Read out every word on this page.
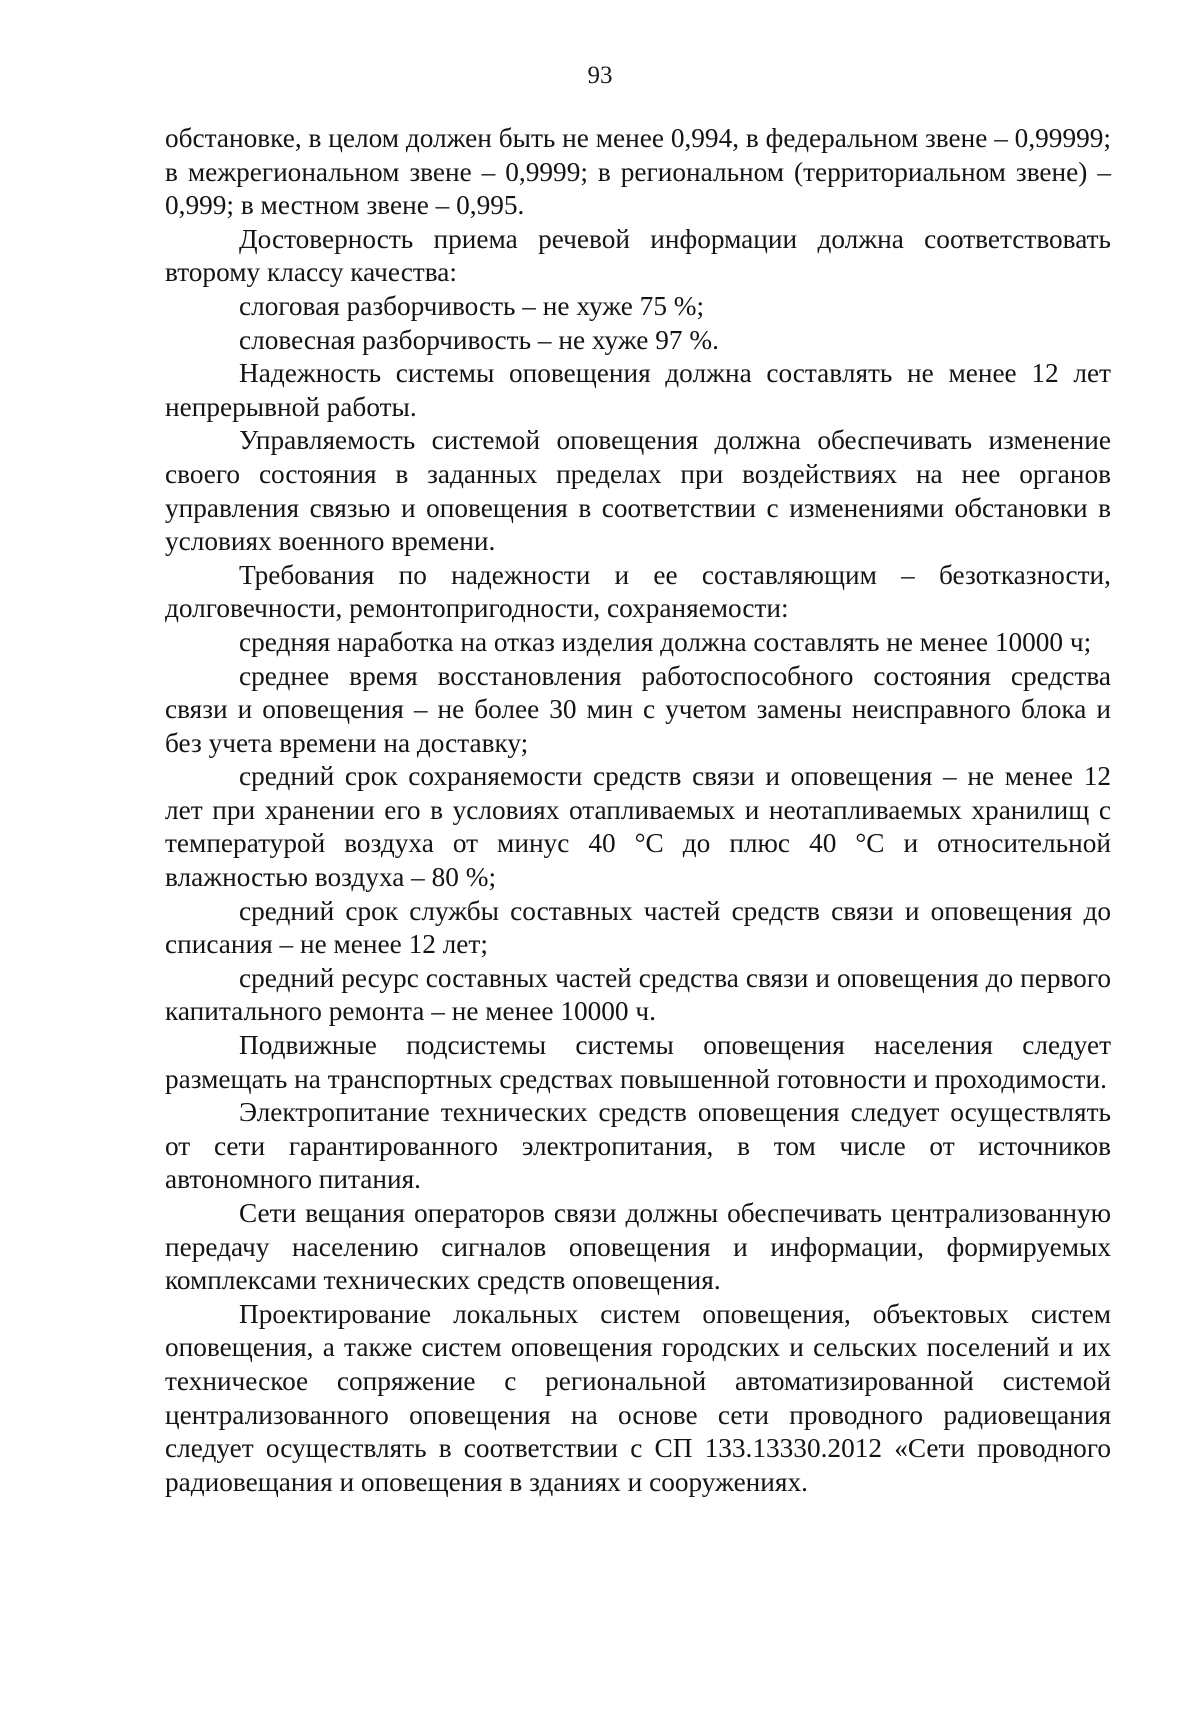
93

обстановке, в целом должен быть не менее 0,994, в федеральном звене – 0,99999; в межрегиональном звене – 0,9999; в региональном (территориальном звене) – 0,999; в местном звене – 0,995.

Достоверность приема речевой информации должна соответствовать второму классу качества:

слоговая разборчивость – не хуже 75 %;

словесная разборчивость – не хуже 97 %.

Надежность системы оповещения должна составлять не менее 12 лет непрерывной работы.

Управляемость системой оповещения должна обеспечивать изменение своего состояния в заданных пределах при воздействиях на нее органов управления связью и оповещения в соответствии с изменениями обстановки в условиях военного времени.

Требования по надежности и ее составляющим – безотказности, долговечности, ремонтопригодности, сохраняемости:

средняя наработка на отказ изделия должна составлять не менее 10000 ч;

среднее время восстановления работоспособного состояния средства связи и оповещения – не более 30 мин с учетом замены неисправного блока и без учета времени на доставку;

средний срок сохраняемости средств связи и оповещения – не менее 12 лет при хранении его в условиях отапливаемых и неотапливаемых хранилищ с температурой воздуха от минус 40 °С до плюс 40 °С и относительной влажностью воздуха – 80 %;

средний срок службы составных частей средств связи и оповещения до списания – не менее 12 лет;

средний ресурс составных частей средства связи и оповещения до первого капитального ремонта – не менее 10000 ч.

Подвижные подсистемы системы оповещения населения следует размещать на транспортных средствах повышенной готовности и проходимости.

Электропитание технических средств оповещения следует осуществлять от сети гарантированного электропитания, в том числе от источников автономного питания.

Сети вещания операторов связи должны обеспечивать централизованную передачу населению сигналов оповещения и информации, формируемых комплексами технических средств оповещения.

Проектирование локальных систем оповещения, объектовых систем оповещения, а также систем оповещения городских и сельских поселений и их техническое сопряжение с региональной автоматизированной системой централизованного оповещения на основе сети проводного радиовещания следует осуществлять в соответствии с СП 133.13330.2012 «Сети проводного радиовещания и оповещения в зданиях и сооружениях.
